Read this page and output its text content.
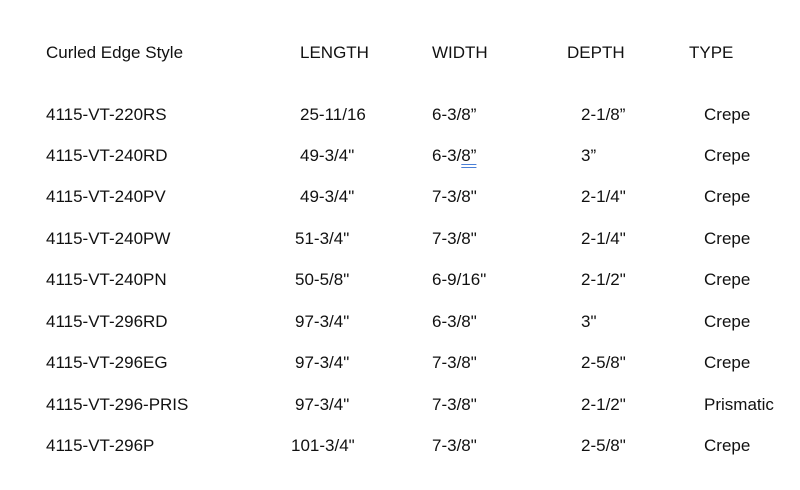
Curled Edge Style	LENGTH	WIDTH	DEPTH	TYPE
4115-VT-220RS	25-11/16	6-3/8”	2-1/8”	Crepe
4115-VT-240RD	49-3/4"	6-3/8”	3”	Crepe
4115-VT-240PV	49-3/4"	7-3/8"	2-1/4"	Crepe
4115-VT-240PW	51-3/4"	7-3/8"	2-1/4"	Crepe
4115-VT-240PN	50-5/8"	6-9/16"	2-1/2"	Crepe
4115-VT-296RD	97-3/4"	6-3/8"	3"	Crepe
4115-VT-296EG	97-3/4"	7-3/8"	2-5/8"	Crepe
4115-VT-296-PRIS	97-3/4"	7-3/8"	2-1/2"	Prismatic
4115-VT-296P	101-3/4"	7-3/8"	2-5/8"	Crepe
